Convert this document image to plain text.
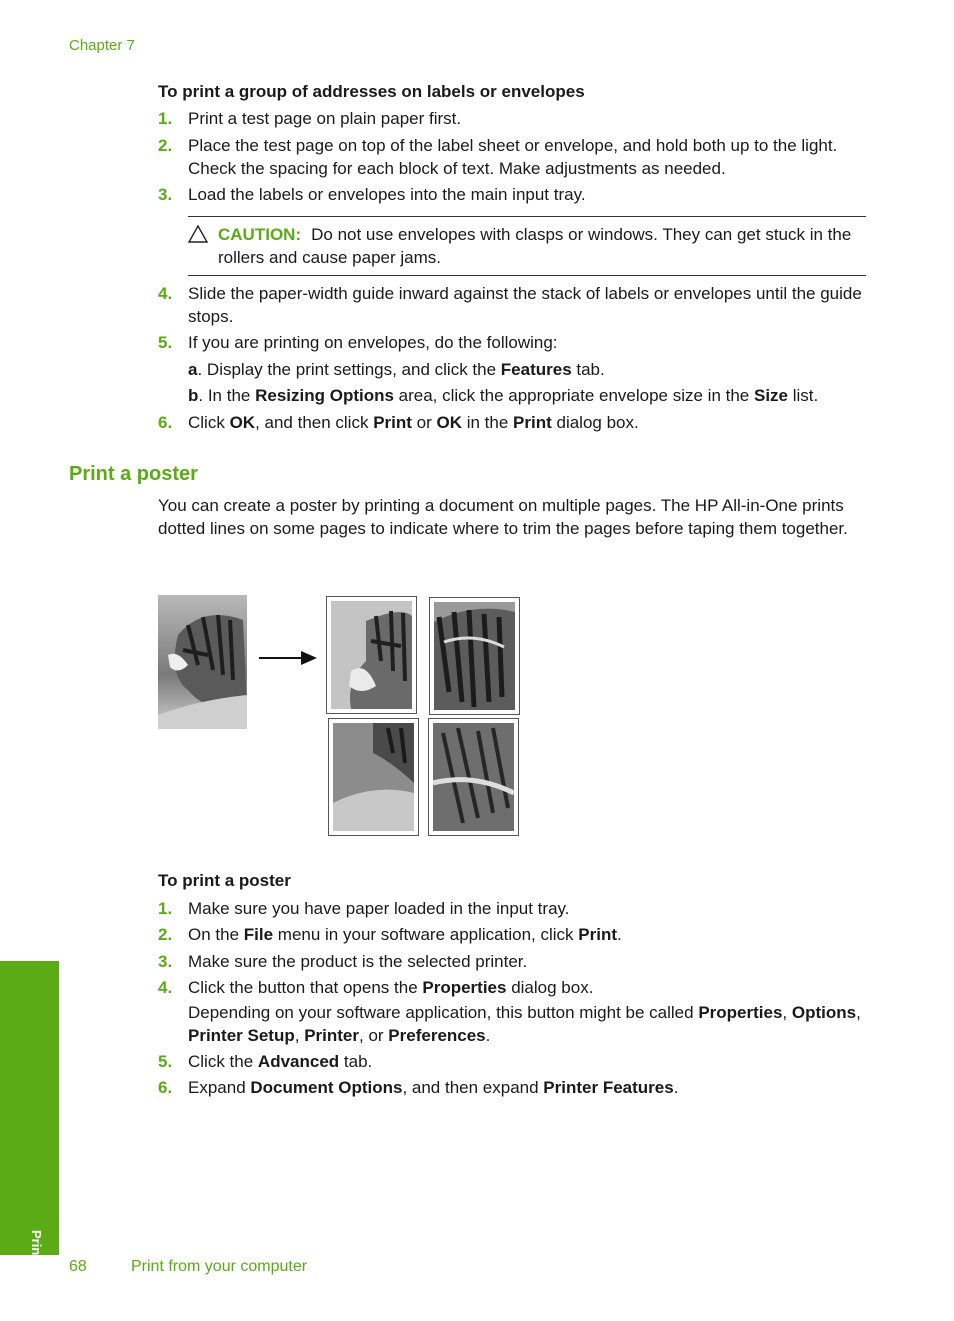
Chapter 7
To print a group of addresses on labels or envelopes
1. Print a test page on plain paper first.
2. Place the test page on top of the label sheet or envelope, and hold both up to the light. Check the spacing for each block of text. Make adjustments as needed.
3. Load the labels or envelopes into the main input tray.
CAUTION: Do not use envelopes with clasps or windows. They can get stuck in the rollers and cause paper jams.
4. Slide the paper-width guide inward against the stack of labels or envelopes until the guide stops.
5. If you are printing on envelopes, do the following:
a. Display the print settings, and click the Features tab.
b. In the Resizing Options area, click the appropriate envelope size in the Size list.
6. Click OK, and then click Print or OK in the Print dialog box.
Print a poster
You can create a poster by printing a document on multiple pages. The HP All-in-One prints dotted lines on some pages to indicate where to trim the pages before taping them together.
To print a poster
1. Make sure you have paper loaded in the input tray.
2. On the File menu in your software application, click Print.
3. Make sure the product is the selected printer.
4. Click the button that opens the Properties dialog box.
Depending on your software application, this button might be called Properties, Options, Printer Setup, Printer, or Preferences.
5. Click the Advanced tab.
6. Expand Document Options, and then expand Printer Features.
Print
68	Print from your computer
